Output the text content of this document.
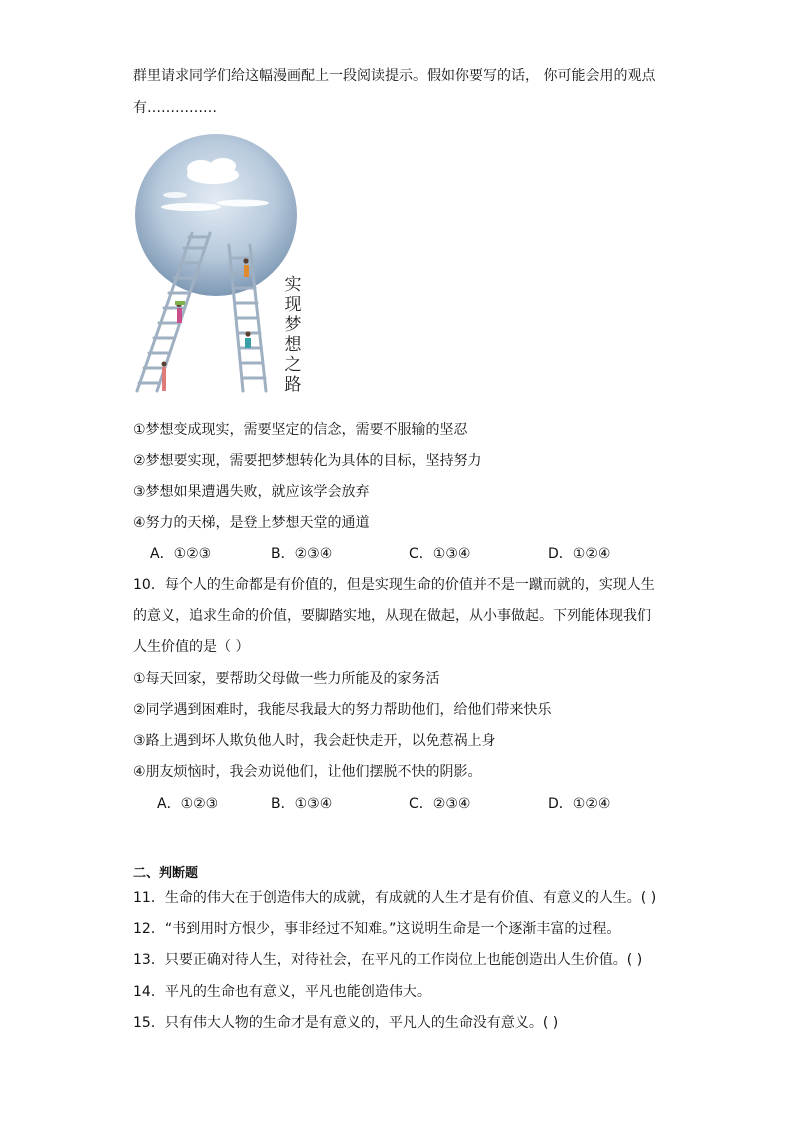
群里请求同学们给这幅漫画配上一段阅读提示。假如你要写的话， 你可能会用的观点
有……………
实
现
梦
想
之
路
①梦想变成现实，需要坚定的信念，需要不服输的坚忍
②梦想要实现，需要把梦想转化为具体的目标，坚持努力
③梦想如果遭遇失败，就应该学会放弃
④努力的天梯，是登上梦想天堂的通道
A．①②③	B．②③④	C．①③④	D．①②④
10．每个人的生命都是有价值的，但是实现生命的价值并不是一蹴而就的，实现人生的意义，追求生命的价值，要脚踏实地，从现在做起，从小事做起。下列能体现我们人生价值的是（ ）
①每天回家，要帮助父母做一些力所能及的家务活
②同学遇到困难时，我能尽我最大的努力帮助他们，给他们带来快乐
③路上遇到坏人欺负他人时，我会赶快走开，以免惹祸上身
④朋友烦恼时，我会劝说他们，让他们摆脱不快的阴影。
A．①②③	B．①③④	C．②③④	D．①②④
二、判断题
11．生命的伟大在于创造伟大的成就，有成就的人生才是有价值、有意义的人生。( )
12．“书到用时方恨少，事非经过不知难。”这说明生命是一个逐渐丰富的过程。
13．只要正确对待人生，对待社会，在平凡的工作岗位上也能创造出人生价值。( )
14．平凡的生命也有意义，平凡也能创造伟大。
15．只有伟大人物的生命才是有意义的，平凡人的生命没有意义。( )
